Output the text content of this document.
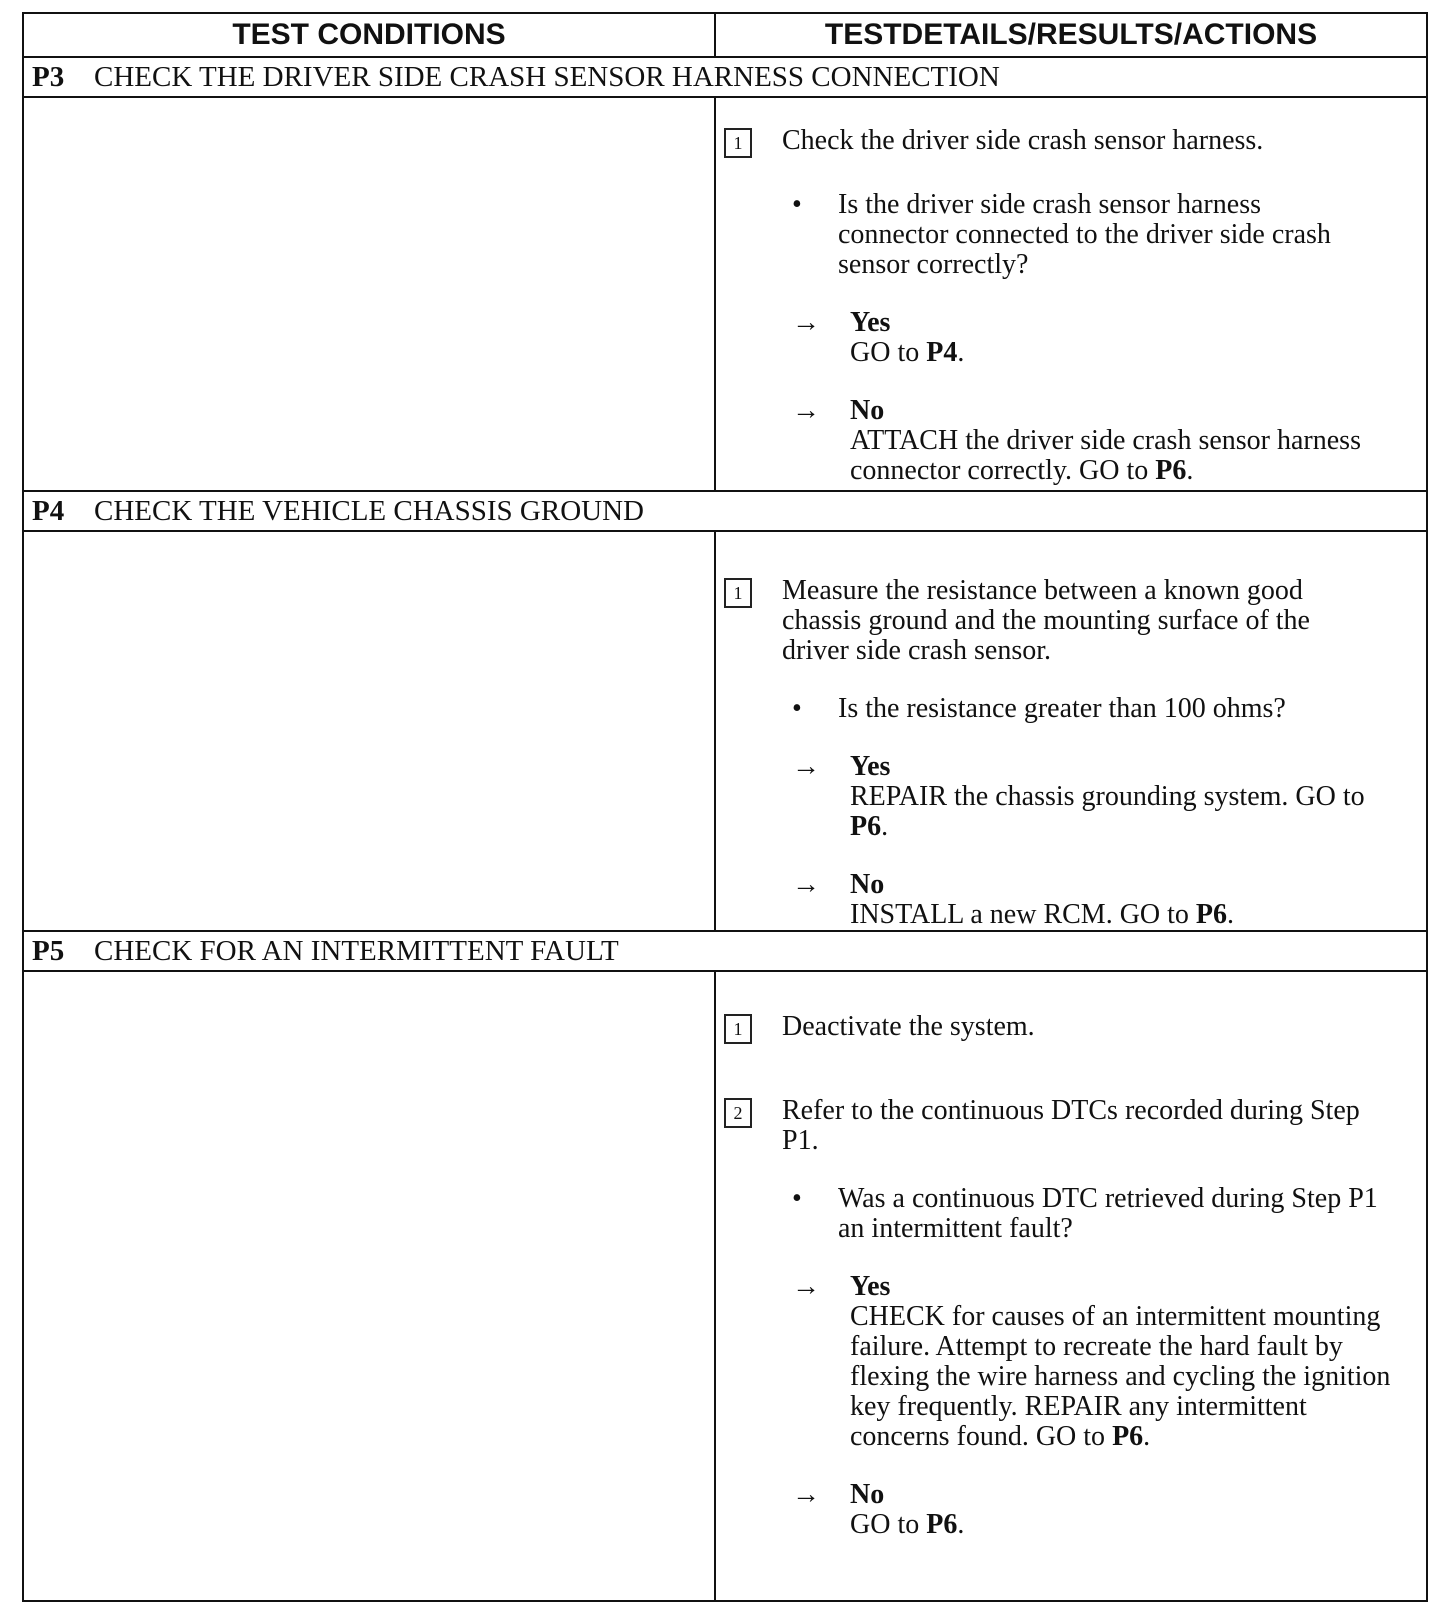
TEST CONDITIONS	TESTDETAILS/RESULTS/ACTIONS
P3	CHECK THE DRIVER SIDE CRASH SENSOR HARNESS CONNECTION
1	Check the driver side crash sensor harness.
•	Is the driver side crash sensor harness connector connected to the driver side crash sensor correctly?
→	Yes
GO to P4.
→	No
ATTACH the driver side crash sensor harness connector correctly. GO to P6.
P4	CHECK THE VEHICLE CHASSIS GROUND
1	Measure the resistance between a known good chassis ground and the mounting surface of the driver side crash sensor.
•	Is the resistance greater than 100 ohms?
→	Yes
REPAIR the chassis grounding system. GO to P6.
→	No
INSTALL a new RCM. GO to P6.
P5	CHECK FOR AN INTERMITTENT FAULT
1	Deactivate the system.
2	Refer to the continuous DTCs recorded during Step P1.
•	Was a continuous DTC retrieved during Step P1 an intermittent fault?
→	Yes
CHECK for causes of an intermittent mounting failure. Attempt to recreate the hard fault by flexing the wire harness and cycling the ignition key frequently. REPAIR any intermittent concerns found. GO to P6.
→	No
GO to P6.
